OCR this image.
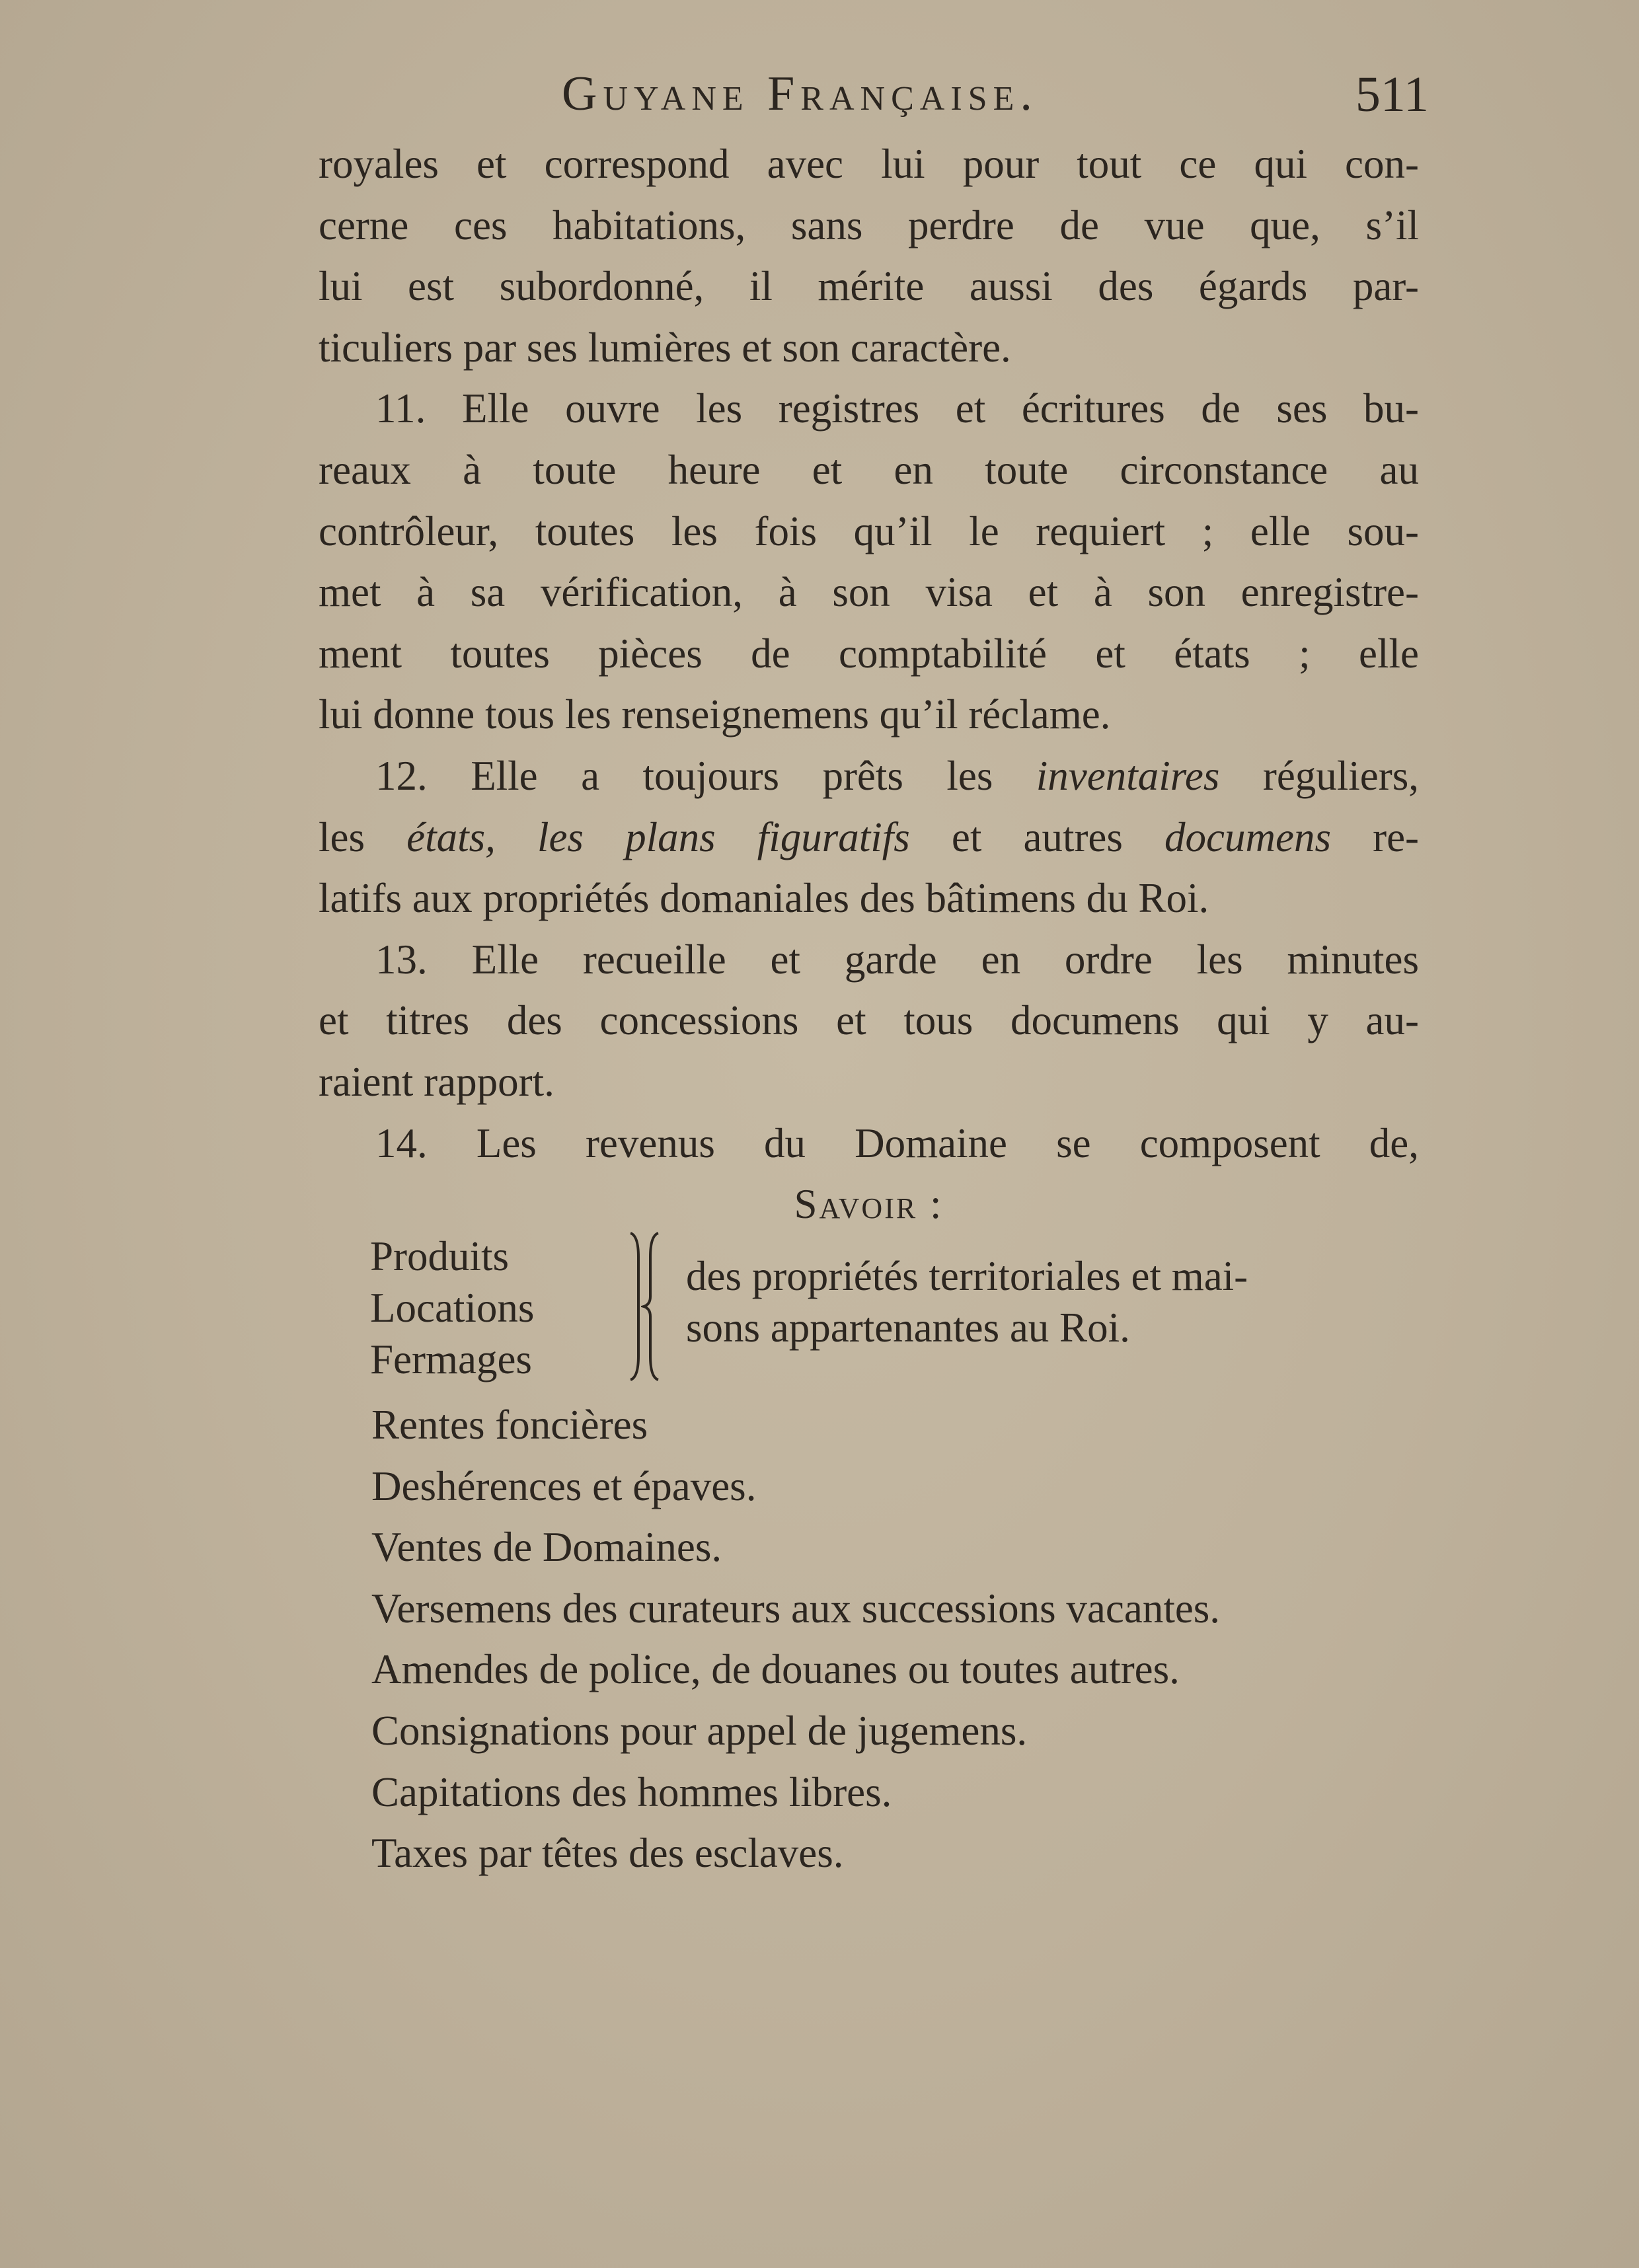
Guyane Française.	511
royales et correspond avec lui pour tout ce qui con-
cerne ces habitations, sans perdre de vue que, s’il
lui est subordonné, il mérite aussi des égards par-
ticuliers par ses lumières et son caractère.
11. Elle ouvre les registres et écritures de ses bu-
reaux à toute heure et en toute circonstance au
contrôleur, toutes les fois qu’il le requiert ; elle sou-
met à sa vérification, à son visa et à son enregistre-
ment toutes pièces de comptabilité et états ; elle
lui donne tous les renseignemens qu’il réclame.
12. Elle a toujours prêts les inventaires réguliers,
les états, les plans figuratifs et autres documens re-
latifs aux propriétés domaniales des bâtimens du Roi.
13. Elle recueille et garde en ordre les minutes
et titres des concessions et tous documens qui y au-
raient rapport.
14. Les revenus du Domaine se composent de,
Savoir :
Produits
Locations
Fermages
des propriétés territoriales et mai-
sons appartenantes au Roi.
Rentes foncières
Deshérences et épaves.
Ventes de Domaines.
Versemens des curateurs aux successions vacantes.
Amendes de police, de douanes ou toutes autres.
Consignations pour appel de jugemens.
Capitations des hommes libres.
Taxes par têtes des esclaves.
